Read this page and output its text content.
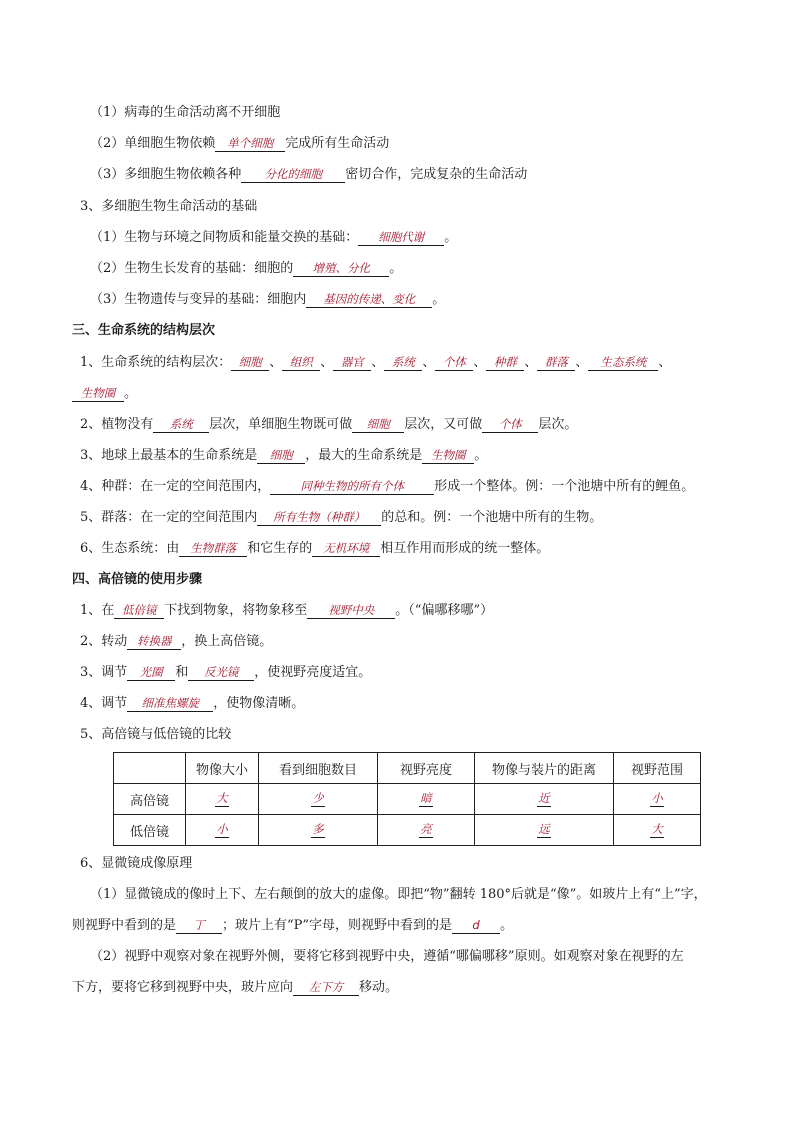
（1）病毒的生命活动离不开细胞
（2）单细胞生物依赖 单个细胞 完成所有生命活动
（3）多细胞生物依赖各种 分化的细胞 密切合作，完成复杂的生命活动
3、多细胞生物生命活动的基础
（1）生物与环境之间物质和能量交换的基础： 细胞代谢 。
（2）生物生长发育的基础：细胞的 增殖、分化 。
（3）生物遗传与变异的基础：细胞内 基因的传递、变化 。
三、生命系统的结构层次
1、生命系统的结构层次： 细胞 、 组织 、 器官 、 系统 、 个体 、 种群 、 群落 、 生态系统 、
生物圈 。
2、植物没有 系统 层次，单细胞生物既可做 细胞 层次，又可做 个体 层次。
3、地球上最基本的生命系统是 细胞 ，最大的生命系统是 生物圈 。
4、种群：在一定的空间范围内，	同种生物的所有个体 形成一个整体。例：一个池塘中所有的鲤鱼。
5、群落：在一定的空间范围内 所有生物（种群） 的总和。例：一个池塘中所有的生物。
6、生态系统：由 生物群落 和它生存的 无机环境 相互作用而形成的统一整体。
四、高倍镜的使用步骤
1、在 低倍镜 下找到物象，将物象移至 视野中央 。（“偏哪移哪”）
2、转动 转换器 ，换上高倍镜。
3、调节 光圈 和 反光镜 ，使视野亮度适宜。
4、调节 细准焦螺旋 ，使物像清晰。
5、高倍镜与低倍镜的比较
	物像大小	看到细胞数目	视野亮度	物像与装片的距离	视野范围
高倍镜	大	少	暗	近	小
低倍镜	小	多	亮	远	大
6、显微镜成像原理
（1）显微镜成的像时上下、左右颠倒的放大的虚像。即把“物”翻转 180°后就是“像”。如玻片上有“上”字，
则视野中看到的是 丁 ；玻片上有“P”字母，则视野中看到的是 d 。
（2）视野中观察对象在视野外侧，要将它移到视野中央，遵循“哪偏哪移”原则。如观察对象在视野的左
下方，要将它移到视野中央，玻片应向 左下方 移动。
